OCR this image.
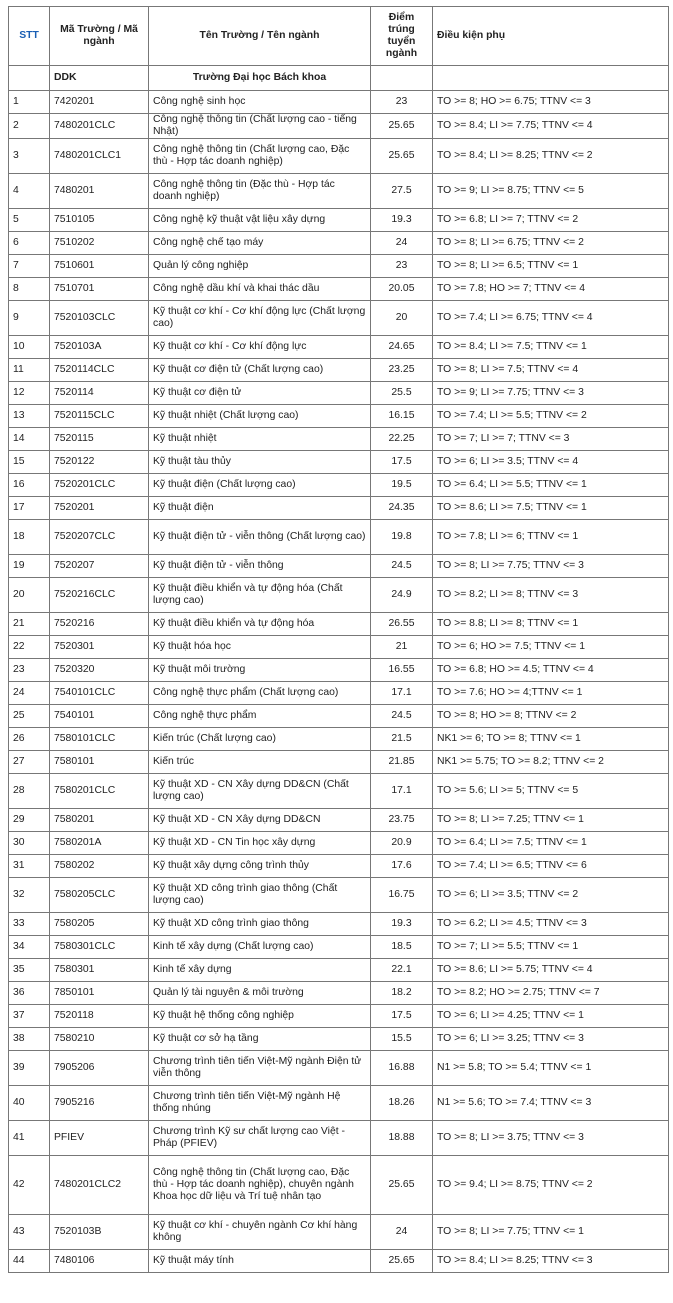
STT	Mã Trường / Mã ngành	Tên Trường / Tên ngành	Điểm trúng tuyển ngành	Điều kiện phụ
	DDK	Trường Đại học Bách khoa		
1	7420201	Công nghệ sinh học	23	TO >= 8; HO >= 6.75; TTNV <= 3
2	7480201CLC	Công nghệ thông tin (Chất lượng cao - tiếng Nhật)	25.65	TO >= 8.4; LI >= 7.75; TTNV <= 4
3	7480201CLC1	Công nghệ thông tin (Chất lượng cao, Đặc thù - Hợp tác doanh nghiệp)	25.65	TO >= 8.4; LI >= 8.25; TTNV <= 2
4	7480201	Công nghệ thông tin (Đặc thù - Hợp tác doanh nghiệp)	27.5	TO >= 9; LI >= 8.75; TTNV <= 5
5	7510105	Công nghệ kỹ thuật vật liệu xây dựng	19.3	TO >= 6.8; LI >= 7; TTNV <= 2
6	7510202	Công nghệ chế tạo máy	24	TO >= 8; LI >= 6.75; TTNV <= 2
7	7510601	Quản lý công nghiệp	23	TO >= 8; LI >= 6.5; TTNV <= 1
8	7510701	Công nghệ dầu khí và khai thác dầu	20.05	TO >= 7.8; HO >= 7; TTNV <= 4
9	7520103CLC	Kỹ thuật cơ khí - Cơ khí động lực (Chất lượng cao)	20	TO >= 7.4; LI >= 6.75; TTNV <= 4
10	7520103A	Kỹ thuật cơ khí - Cơ khí động lực	24.65	TO >= 8.4; LI >= 7.5; TTNV <= 1
11	7520114CLC	Kỹ thuật cơ điện tử (Chất lượng cao)	23.25	TO >= 8; LI >= 7.5; TTNV <= 4
12	7520114	Kỹ thuật cơ điện tử	25.5	TO >= 9; LI >= 7.75; TTNV <= 3
13	7520115CLC	Kỹ thuật nhiệt (Chất lượng cao)	16.15	TO >= 7.4; LI >= 5.5; TTNV <= 2
14	7520115	Kỹ thuật nhiệt	22.25	TO >= 7; LI >= 7; TTNV <= 3
15	7520122	Kỹ thuật tàu thủy	17.5	TO >= 6; LI >= 3.5; TTNV <= 4
16	7520201CLC	Kỹ thuật điện (Chất lượng cao)	19.5	TO >= 6.4; LI >= 5.5; TTNV <= 1
17	7520201	Kỹ thuật điện	24.35	TO >= 8.6; LI >= 7.5; TTNV <= 1
18	7520207CLC	Kỹ thuật điện tử - viễn thông (Chất lượng cao)	19.8	TO >= 7.8; LI >= 6; TTNV <= 1
19	7520207	Kỹ thuật điện tử - viễn thông	24.5	TO >= 8; LI >= 7.75; TTNV <= 3
20	7520216CLC	Kỹ thuật điều khiển và tự động hóa (Chất lượng cao)	24.9	TO >= 8.2; LI >= 8; TTNV <= 3
21	7520216	Kỹ thuật điều khiển và tự động hóa	26.55	TO >= 8.8; LI >= 8; TTNV <= 1
22	7520301	Kỹ thuật hóa học	21	TO >= 6; HO >= 7.5; TTNV <= 1
23	7520320	Kỹ thuật môi trường	16.55	TO >= 6.8; HO >= 4.5; TTNV <= 4
24	7540101CLC	Công nghệ thực phẩm (Chất lượng cao)	17.1	TO >= 7.6; HO >= 4;TTNV <= 1
25	7540101	Công nghệ thực phẩm	24.5	TO >= 8; HO >= 8; TTNV <= 2
26	7580101CLC	Kiến trúc (Chất lượng cao)	21.5	NK1 >= 6; TO >= 8; TTNV <= 1
27	7580101	Kiến trúc	21.85	NK1 >= 5.75; TO >= 8.2; TTNV <= 2
28	7580201CLC	Kỹ thuật XD - CN Xây dựng DD&CN (Chất lượng cao)	17.1	TO >= 5.6; LI >= 5; TTNV <= 5
29	7580201	Kỹ thuật XD - CN Xây dựng DD&CN	23.75	TO >= 8; LI >= 7.25; TTNV <= 1
30	7580201A	Kỹ thuật XD - CN Tin học xây dựng	20.9	TO >= 6.4; LI >= 7.5; TTNV <= 1
31	7580202	Kỹ thuật xây dựng công trình thủy	17.6	TO >= 7.4; LI >= 6.5; TTNV <= 6
32	7580205CLC	Kỹ thuật XD công trình giao thông (Chất lượng cao)	16.75	TO >= 6; LI >= 3.5; TTNV <= 2
33	7580205	Kỹ thuật XD công trình giao thông	19.3	TO >= 6.2; LI >= 4.5; TTNV <= 3
34	7580301CLC	Kinh tế xây dựng (Chất lượng cao)	18.5	TO >= 7; LI >= 5.5; TTNV <= 1
35	7580301	Kinh tế xây dựng	22.1	TO >= 8.6; LI >= 5.75; TTNV <= 4
36	7850101	Quản lý tài nguyên & môi trường	18.2	TO >= 8.2; HO >= 2.75; TTNV <= 7
37	7520118	Kỹ thuật hệ thống công nghiệp	17.5	TO >= 6; LI >= 4.25; TTNV <= 1
38	7580210	Kỹ thuật cơ sở hạ tầng	15.5	TO >= 6; LI >= 3.25; TTNV <= 3
39	7905206	Chương trình tiên tiến Việt-Mỹ ngành Điện tử viễn thông	16.88	N1 >= 5.8; TO >= 5.4; TTNV <= 1
40	7905216	Chương trình tiên tiến Việt-Mỹ ngành Hệ thống nhúng	18.26	N1 >= 5.6; TO >= 7.4; TTNV <= 3
41	PFIEV	Chương trình Kỹ sư chất lượng cao Việt - Pháp (PFIEV)	18.88	TO >= 8; LI >= 3.75; TTNV <= 3
42	7480201CLC2	Công nghệ thông tin (Chất lượng cao, Đặc thù - Hợp tác doanh nghiệp), chuyên ngành Khoa học dữ liệu và Trí tuệ nhân tạo	25.65	TO >= 9.4; LI >= 8.75; TTNV <= 2
43	7520103B	Kỹ thuật cơ khí - chuyên ngành Cơ khí hàng không	24	TO >= 8; LI >= 7.75; TTNV <= 1
44	7480106	Kỹ thuật máy tính	25.65	TO >= 8.4; LI >= 8.25; TTNV <= 3
